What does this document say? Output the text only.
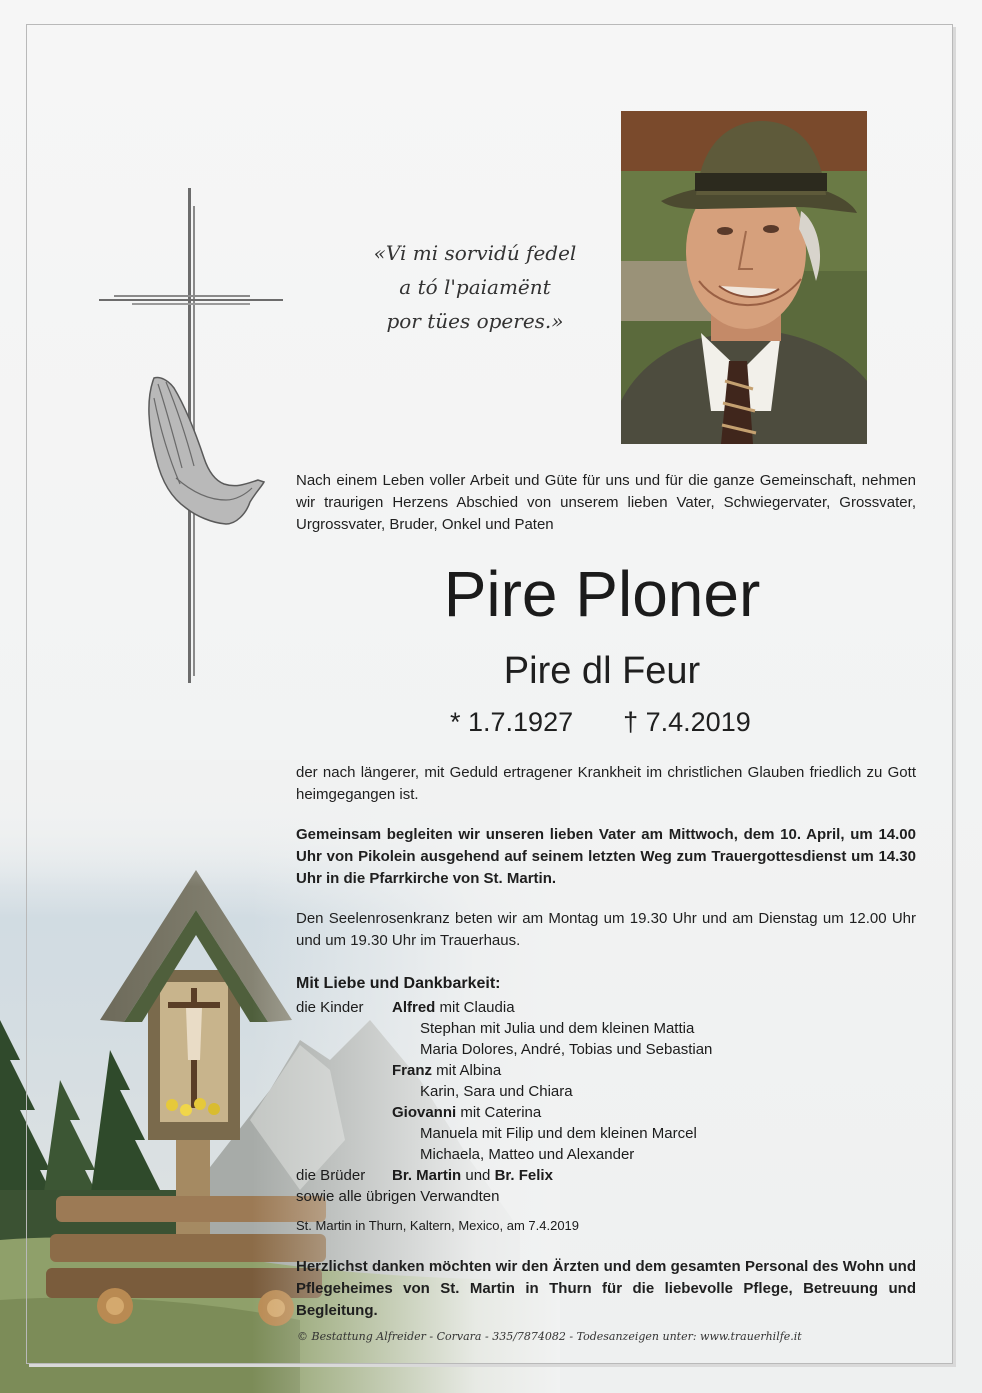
«Vi mi sorvidú fedel
a tó l'paiamënt
por tües operes.»
Nach einem Leben voller Arbeit und Güte für uns und für die ganze Gemeinschaft, nehmen wir traurigen Herzens Abschied von unserem lieben Vater, Schwiegervater, Grossvater, Urgrossvater, Bruder, Onkel und Paten
Pire Ploner
Pire dl Feur
* 1.7.1927 † 7.4.2019
der nach längerer, mit Geduld ertragener Krankheit im christlichen Glauben friedlich zu Gott heimgegangen ist.
Gemeinsam begleiten wir unseren lieben Vater am Mittwoch, dem 10. April, um 14.00 Uhr von Pikolein ausgehend auf seinem letzten Weg zum Trauergottesdienst um 14.30 Uhr in die Pfarrkirche von St. Martin.
Den Seelenrosenkranz beten wir am Montag um 19.30 Uhr und am Dienstag um 12.00 Uhr und um 19.30 Uhr im Trauerhaus.
Mit Liebe und Dankbarkeit:
die Kinder Alfred mit Claudia
Stephan mit Julia und dem kleinen Mattia
Maria Dolores, André, Tobias und Sebastian
Franz mit Albina
Karin, Sara und Chiara
Giovanni mit Caterina
Manuela mit Filip und dem kleinen Marcel
Michaela, Matteo und Alexander
die Brüder Br. Martin und Br. Felix
sowie alle übrigen Verwandten
St. Martin in Thurn, Kaltern, Mexico, am 7.4.2019
Herzlichst danken möchten wir den Ärzten und dem gesamten Personal des Wohn und Pflegeheimes von St. Martin in Thurn für die liebevolle Pflege, Betreuung und Begleitung.
© Bestattung Alfreider - Corvara - 335/7874082 - Todesanzeigen unter: www.trauerhilfe.it
